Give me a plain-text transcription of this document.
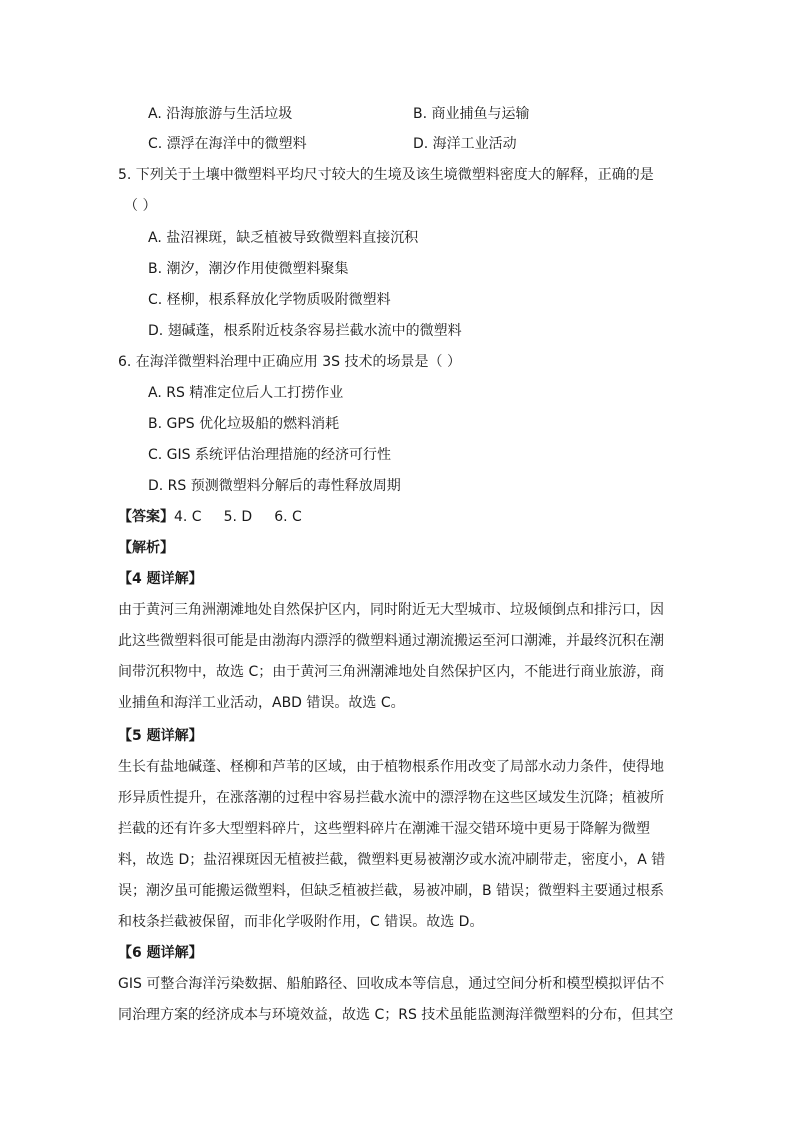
A. 沿海旅游与生活垃圾	B. 商业捕鱼与运输
C. 漂浮在海洋中的微塑料	D. 海洋工业活动
5. 下列关于土壤中微塑料平均尺寸较大的生境及该生境微塑料密度大的解释，正确的是
（ ）
A. 盐沼裸斑，缺乏植被导致微塑料直接沉积
B. 潮汐，潮汐作用使微塑料聚集
C. 柽柳，根系释放化学物质吸附微塑料
D. 翅碱蓬，根系附近枝条容易拦截水流中的微塑料
6. 在海洋微塑料治理中正确应用 3S 技术的场景是（ ）
A. RS 精准定位后人工打捞作业
B. GPS 优化垃圾船的燃料消耗
C. GIS 系统评估治理措施的经济可行性
D. RS 预测微塑料分解后的毒性释放周期
【答案】4. C 5. D 6. C
【解析】
【4 题详解】
由于黄河三角洲潮滩地处自然保护区内，同时附近无大型城市、垃圾倾倒点和排污口，因
此这些微塑料很可能是由渤海内漂浮的微塑料通过潮流搬运至河口潮滩，并最终沉积在潮
间带沉积物中，故选 C；由于黄河三角洲潮滩地处自然保护区内，不能进行商业旅游，商
业捕鱼和海洋工业活动，ABD 错误。故选 C。
【5 题详解】
生长有盐地碱蓬、柽柳和芦苇的区域，由于植物根系作用改变了局部水动力条件，使得地
形异质性提升，在涨落潮的过程中容易拦截水流中的漂浮物在这些区域发生沉降；植被所
拦截的还有许多大型塑料碎片，这些塑料碎片在潮滩干湿交错环境中更易于降解为微塑
料，故选 D；盐沼裸斑因无植被拦截，微塑料更易被潮汐或水流冲刷带走，密度小，A 错
误；潮汐虽可能搬运微塑料，但缺乏植被拦截，易被冲刷，B 错误；微塑料主要通过根系
和枝条拦截被保留，而非化学吸附作用，C 错误。故选 D。
【6 题详解】
GIS 可整合海洋污染数据、船舶路径、回收成本等信息，通过空间分析和模型模拟评估不
同治理方案的经济成本与环境效益，故选 C；RS 技术虽能监测海洋微塑料的分布，但其空
